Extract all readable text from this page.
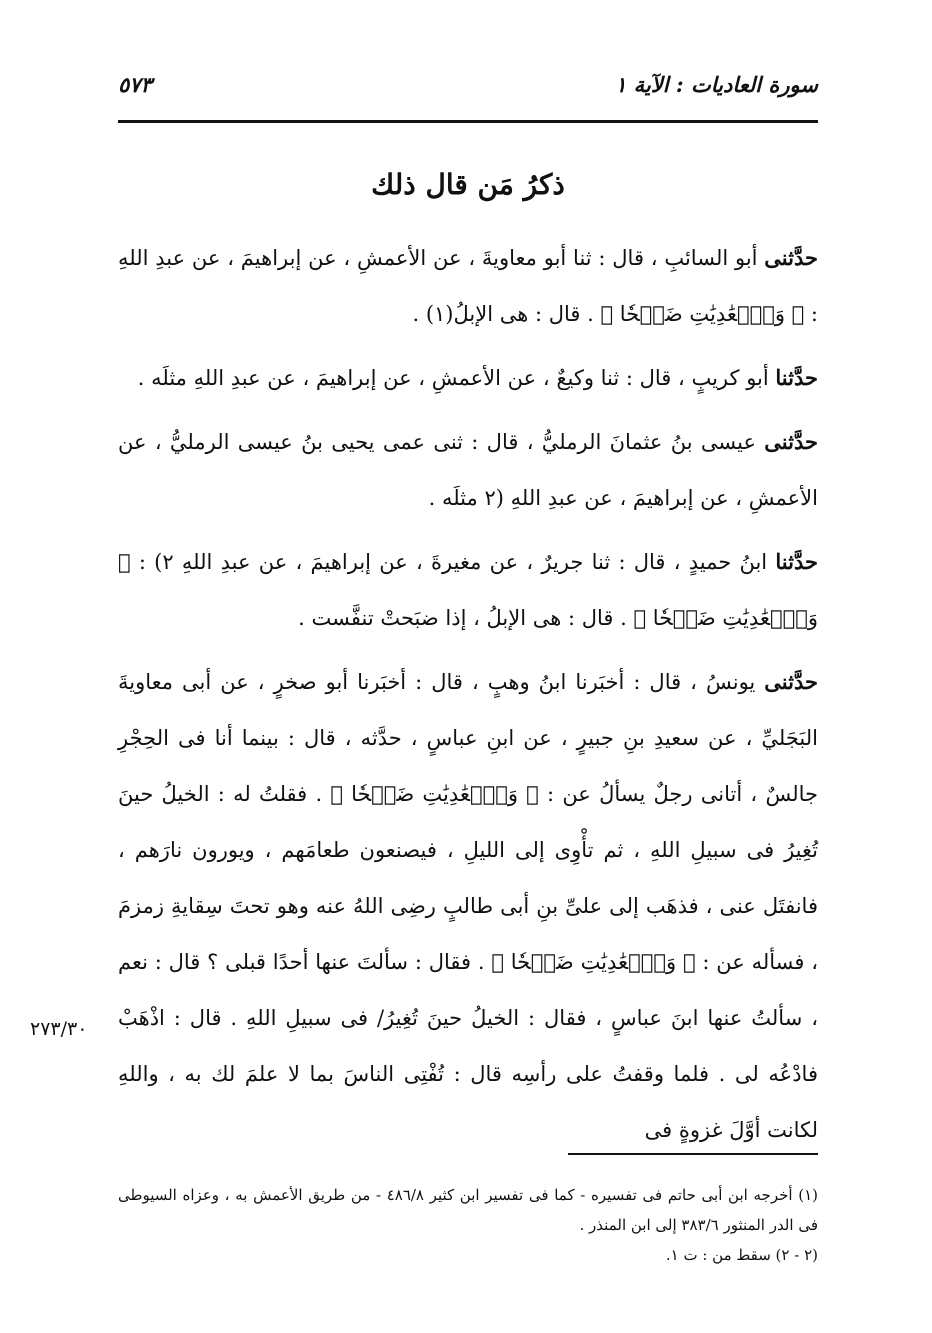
سورة العاديات : الآية ١
٥٧٣
ذكرُ مَن قال ذلك

حدَّثنى أبو السائبِ ، قال : ثنا أبو معاويةَ ، عن الأعمشِ ، عن إبراهيمَ ، عن عبدِ اللهِ : ﴿ وَٱلۡعَٰدِيَٰتِ ضَبۡحٗا ﴾ . قال : هى الإبلُ(١) .

حدَّثنا أبو كريبٍ ، قال : ثنا وكيعٌ ، عن الأعمشِ ، عن إبراهيمَ ، عن عبدِ اللهِ مثلَه .

حدَّثنى عيسى بنُ عثمانَ الرمليُّ ، قال : ثنى عمى يحيى بنُ عيسى الرمليُّ ، عن الأعمشِ ، عن إبراهيمَ ، عن عبدِ اللهِ (٢ مثلَه .

حدَّثنا ابنُ حميدٍ ، قال : ثنا جريرٌ ، عن مغيرةَ ، عن إبراهيمَ ، عن عبدِ اللهِ ٢) : ﴿ وَٱلۡعَٰدِيَٰتِ ضَبۡحٗا ﴾ . قال : هى الإبلُ ، إذا ضبَحتْ تنفَّست .

حدَّثنى يونسُ ، قال : أخبَرنا ابنُ وهبٍ ، قال : أخبَرنا أبو صخرٍ ، عن أبى معاويةَ البَجَليِّ ، عن سعيدِ بنِ جبيرٍ ، عن ابنِ عباسٍ ، حدَّثه ، قال : بينما أنا فى الحِجْرِ جالسٌ ، أتانى رجلٌ يسألُ عن : ﴿ وَٱلۡعَٰدِيَٰتِ ضَبۡحٗا ﴾ . فقلتُ له : الخيلُ حينَ تُغِيرُ فى سبيلِ اللهِ ، ثم تأْوِى إلى الليلِ ، فيصنعون طعامَهم ، ويورون نارَهم ، فانفتَل عنى ، فذهَب إلى علىِّ بنِ أبى طالبٍ رضِى اللهُ عنه وهو تحتَ سِقايةِ زمزمَ ، فسأله عن : ﴿ وَٱلۡعَٰدِيَٰتِ ضَبۡحٗا ﴾ . فقال : سألتَ عنها أحدًا قبلى ؟ قال : نعم ، سألتُ عنها ابنَ عباسٍ ، فقال : الخيلُ حينَ تُغِيرُ/ فى سبيلِ اللهِ . قال : اذْهَبْ فادْعُه لى . فلما وقفتُ على رأسِه قال : تُفْتِى الناسَ بما لا علمَ لك به ، واللهِ لكانت أوَّلَ غزوةٍ فى

٢٧٣/٣٠

(١) أخرجه ابن أبى حاتم فى تفسيره - كما فى تفسير ابن كثير ٤٨٦/٨ - من طريق الأعمش به ، وعزاه السيوطى فى الدر المنثور ٣٨٣/٦ إلى ابن المنذر .

(٢ - ٢) سقط من : ت ١.
